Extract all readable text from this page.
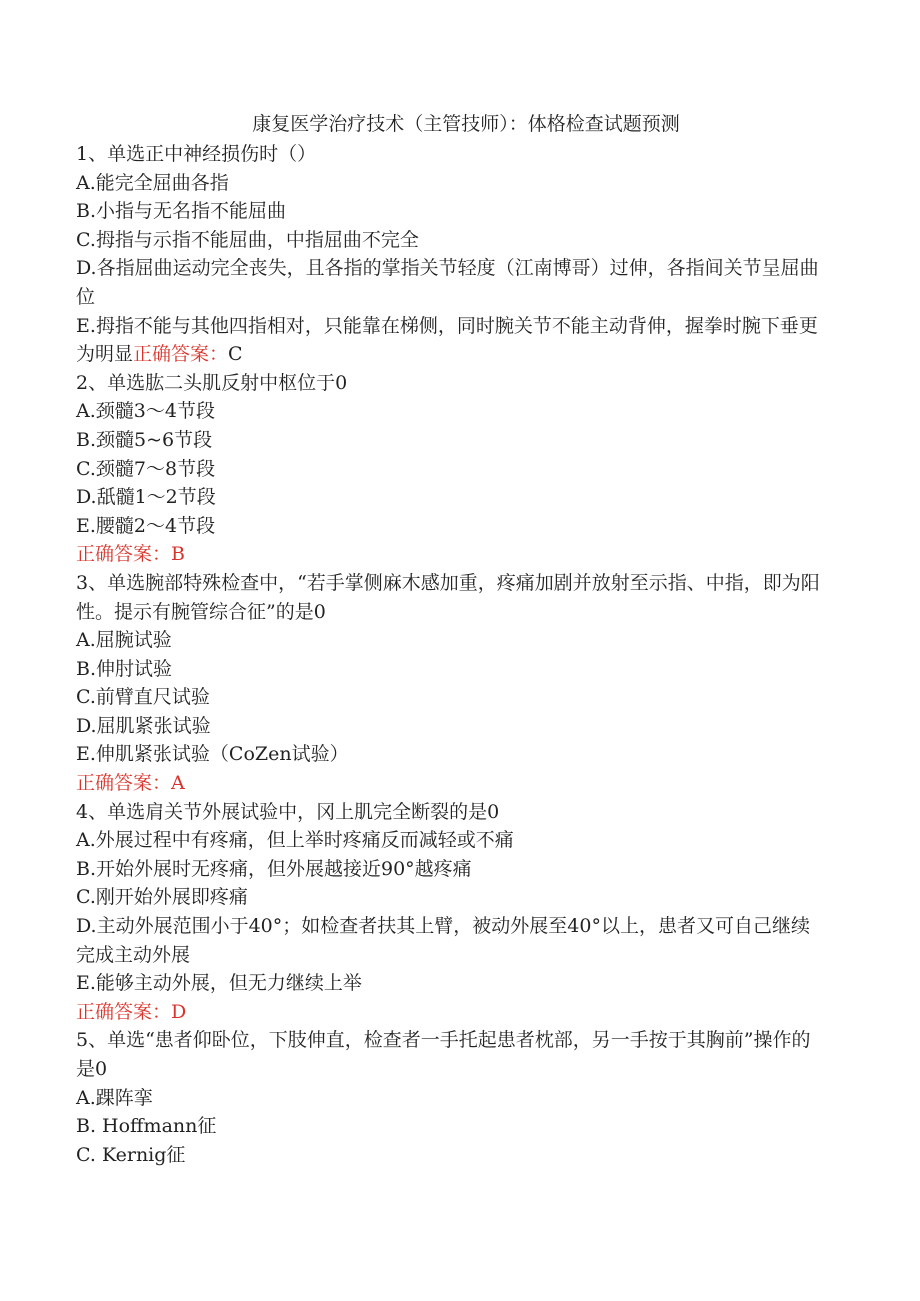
康复医学治疗技术（主管技师）：体格检查试题预测
1、单选正中神经损伤时（）
A.能完全屈曲各指
B.小指与无名指不能屈曲
C.拇指与示指不能屈曲，中指屈曲不完全
D.各指屈曲运动完全丧失，且各指的掌指关节轻度（江南博哥）过伸，各指间关节呈屈曲位
E.拇指不能与其他四指相对，只能靠在梯侧，同时腕关节不能主动背伸，握拳时腕下垂更为明显正确答案：C
2、单选肱二头肌反射中枢位于0
A.颈髓3～4节段
B.颈髓5~6节段
C.颈髓7～8节段
D.舐髓1～2节段
E.腰髓2～4节段
正确答案：B
3、单选腕部特殊检查中，“若手掌侧麻木感加重，疼痛加剧并放射至示指、中指，即为阳性。提示有腕管综合征”的是0
A.屈腕试验
B.伸肘试验
C.前臂直尺试验
D.屈肌紧张试验
E.伸肌紧张试验（CoZen试验）
正确答案：A
4、单选肩关节外展试验中，冈上肌完全断裂的是0
A.外展过程中有疼痛，但上举时疼痛反而减轻或不痛
B.开始外展时无疼痛，但外展越接近90°越疼痛
C.刚开始外展即疼痛
D.主动外展范围小于40°；如检查者扶其上臂，被动外展至40°以上，患者又可自己继续完成主动外展
E.能够主动外展，但无力继续上举
正确答案：D
5、单选“患者仰卧位，下肢伸直，检查者一手托起患者枕部，另一手按于其胸前”操作的是0
A.踝阵挛
B. Hoffmann征
C. Kernig征
